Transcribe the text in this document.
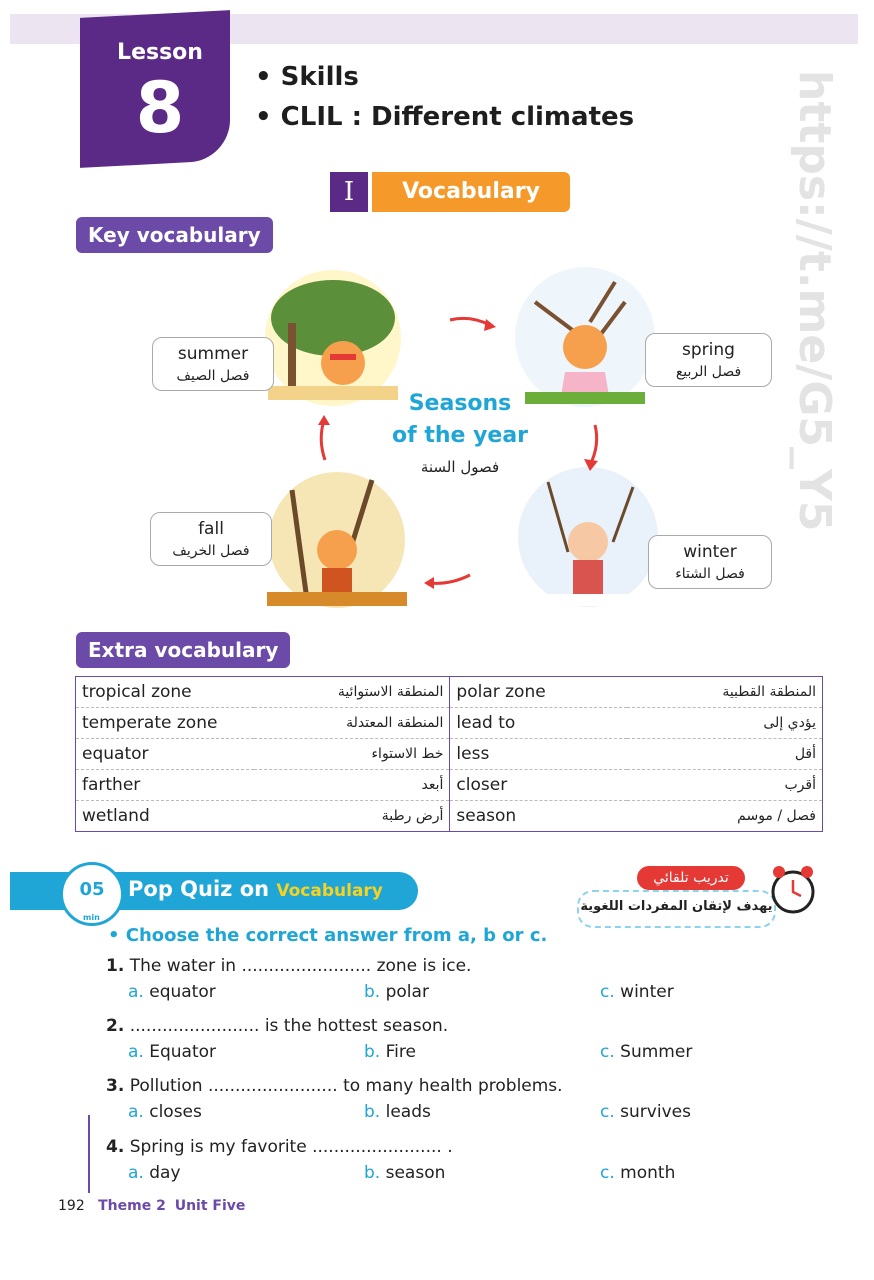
Lesson
8	• Skills
• CLIL : Different climates	https://t.me/G5_Y5
I	Vocabulary
Key vocabulary
summer
فصل الصيف
spring
فصل الربيع
fall
فصل الخريف	winter
فصل الشتاء
Seasons
of the year
فصول السنة
Extra vocabulary
tropical zone	المنطقة الاستوائية	polar zone	المنطقة القطبية
temperate zone	المنطقة المعتدلة	lead to	يؤدي إلى
equator	خط الاستواء	less	أقل
farther	أبعد	closer	أقرب
wetland	أرض رطبة	season	فصل / موسم
05
min
Pop Quiz on Vocabulary
تدريب تلقائي
يهدف لإتقان المفردات اللغوية
• Choose the correct answer from a, b or c.
1. The water in ........................ zone is ice.
a. equator	b. polar	c. winter
2. ........................ is the hottest season.
a. Equator	b. Fire	c. Summer
3. Pollution ........................ to many health problems.
a. closes	b. leads	c. survives
4. Spring is my favorite ........................ .
a. day	b. season	c. month
192 Theme 2 Unit Five
